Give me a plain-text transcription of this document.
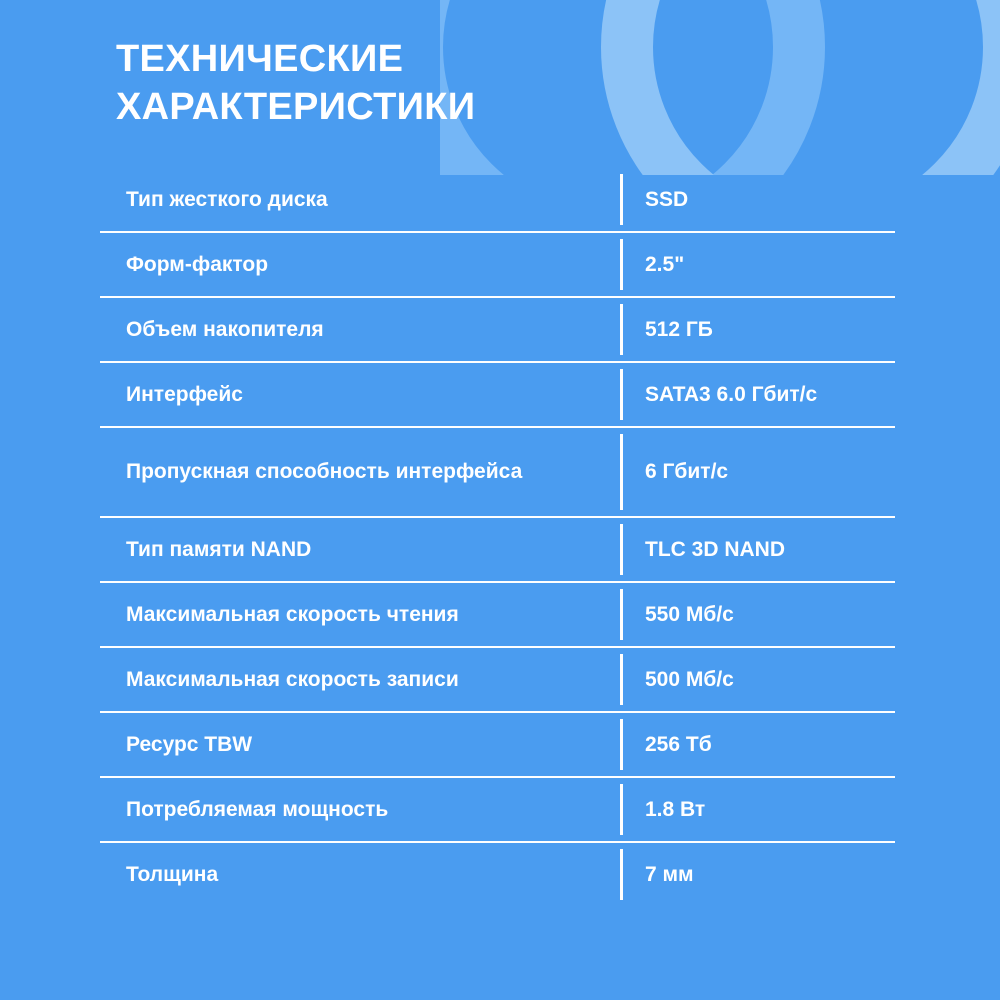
ТЕХНИЧЕСКИЕ ХАРАКТЕРИСТИКИ
Тип жесткого диска	SSD
Форм-фактор	2.5"
Объем накопителя	512 ГБ
Интерфейс	SATA3 6.0 Гбит/с
Пропускная способность интерфейса	6 Гбит/с
Тип памяти NAND	TLC 3D NAND
Максимальная скорость чтения	550 Мб/с
Максимальная скорость записи	500 Мб/с
Ресурс TBW	256 Тб
Потребляемая мощность	1.8 Вт
Толщина	7 мм
